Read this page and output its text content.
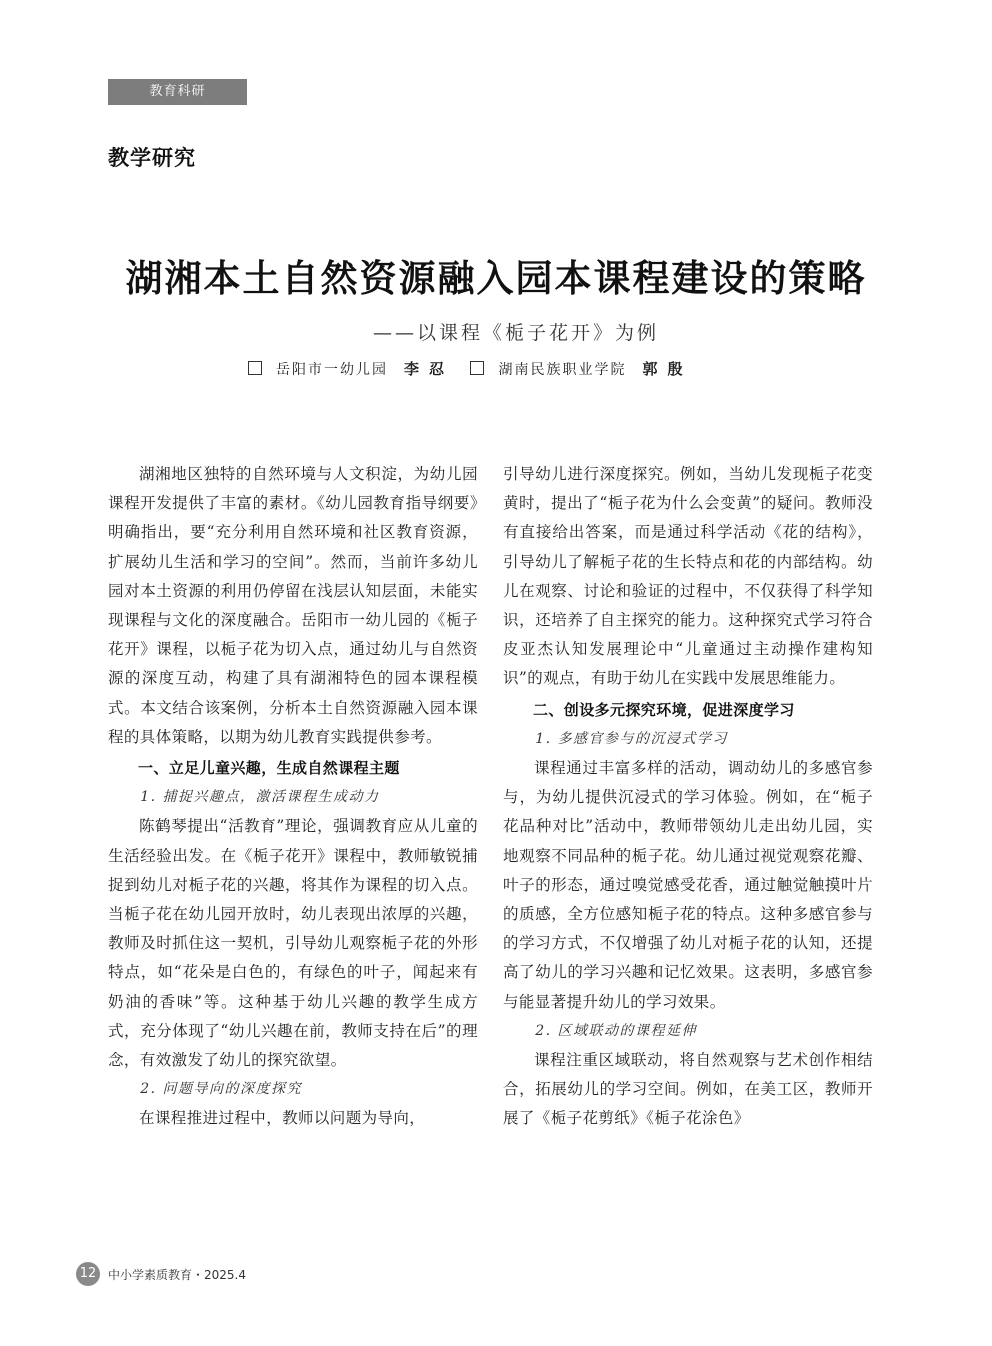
教育科研
教学研究
湖湘本土自然资源融入园本课程建设的策略
——以课程《栀子花开》为例
岳阳市一幼儿园 李忍	湖南民族职业学院 郭殷

湖湘地区独特的自然环境与人文积淀，为幼儿园课程开发提供了丰富的素材。《幼儿园教育指导纲要》明确指出，要“充分利用自然环境和社区教育资源，扩展幼儿生活和学习的空间”。然而，当前许多幼儿园对本土资源的利用仍停留在浅层认知层面，未能实现课程与文化的深度融合。岳阳市一幼儿园的《栀子花开》课程，以栀子花为切入点，通过幼儿与自然资源的深度互动，构建了具有湖湘特色的园本课程模式。本文结合该案例，分析本土自然资源融入园本课程的具体策略，以期为幼儿教育实践提供参考。

一、立足儿童兴趣，生成自然课程主题
1. 捕捉兴趣点，激活课程生成动力

陈鹤琴提出“活教育”理论，强调教育应从儿童的生活经验出发。在《栀子花开》课程中，教师敏锐捕捉到幼儿对栀子花的兴趣，将其作为课程的切入点。当栀子花在幼儿园开放时，幼儿表现出浓厚的兴趣，教师及时抓住这一契机，引导幼儿观察栀子花的外形特点，如“花朵是白色的，有绿色的叶子，闻起来有奶油的香味”等。这种基于幼儿兴趣的教学生成方式，充分体现了“幼儿兴趣在前，教师支持在后”的理念，有效激发了幼儿的探究欲望。

2. 问题导向的深度探究

在课程推进过程中，教师以问题为导向，

引导幼儿进行深度探究。例如，当幼儿发现栀子花变黄时，提出了“栀子花为什么会变黄”的疑问。教师没有直接给出答案，而是通过科学活动《花的结构》，引导幼儿了解栀子花的生长特点和花的内部结构。幼儿在观察、讨论和验证的过程中，不仅获得了科学知识，还培养了自主探究的能力。这种探究式学习符合皮亚杰认知发展理论中“儿童通过主动操作建构知识”的观点，有助于幼儿在实践中发展思维能力。

二、创设多元探究环境，促进深度学习
1. 多感官参与的沉浸式学习

课程通过丰富多样的活动，调动幼儿的多感官参与，为幼儿提供沉浸式的学习体验。例如，在“栀子花品种对比”活动中，教师带领幼儿走出幼儿园，实地观察不同品种的栀子花。幼儿通过视觉观察花瓣、叶子的形态，通过嗅觉感受花香，通过触觉触摸叶片的质感，全方位感知栀子花的特点。这种多感官参与的学习方式，不仅增强了幼儿对栀子花的认知，还提高了幼儿的学习兴趣和记忆效果。这表明，多感官参与能显著提升幼儿的学习效果。

2. 区域联动的课程延伸

课程注重区域联动，将自然观察与艺术创作相结合，拓展幼儿的学习空间。例如，在美工区，教师开展了《栀子花剪纸》《栀子花涂色》

12 中小学素质教育・2025.4
